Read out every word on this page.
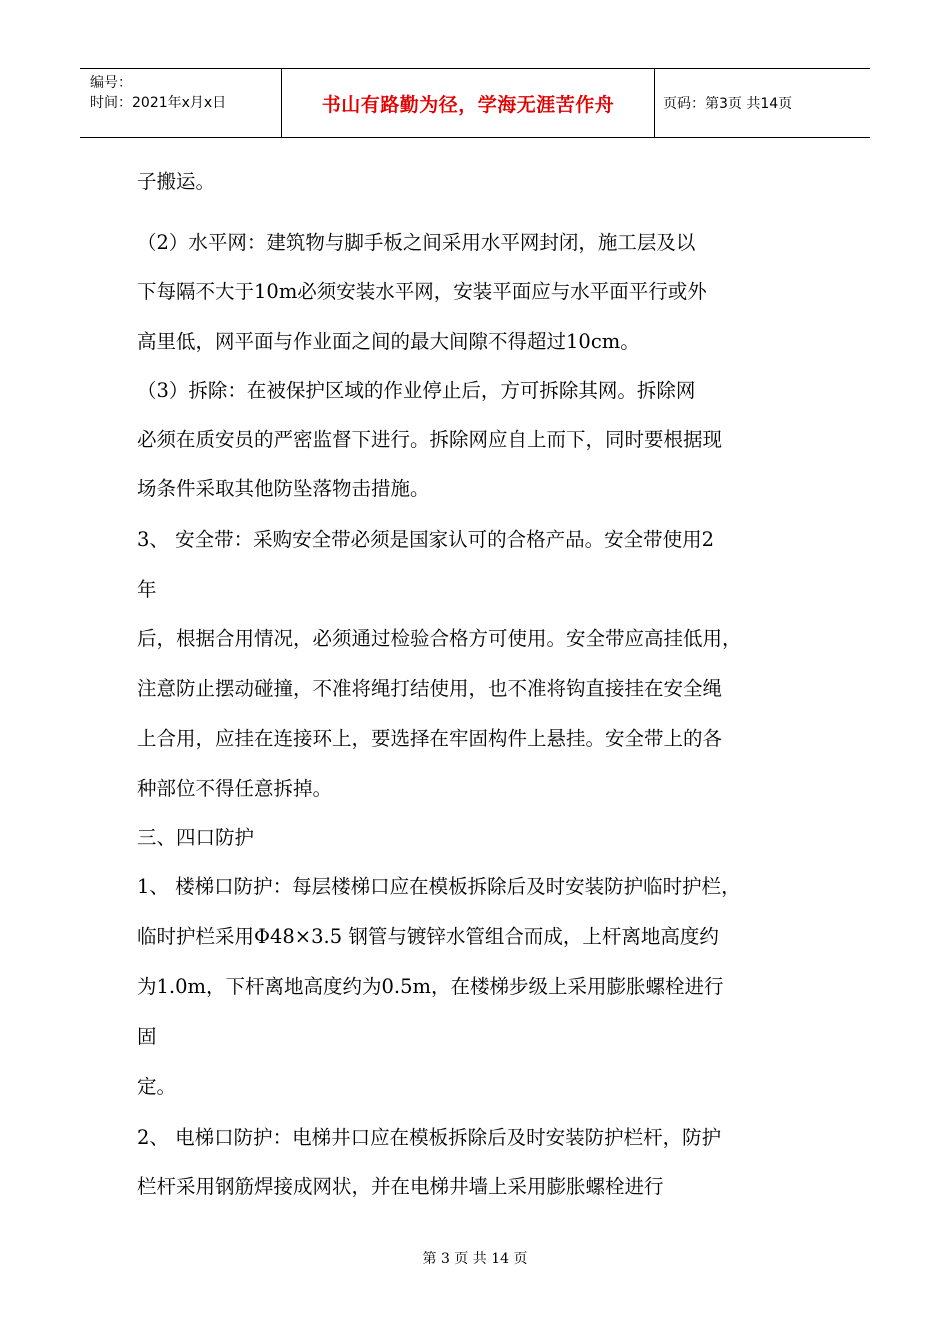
编号：
时间：2021年x月x日	书山有路勤为径，学海无涯苦作舟	页码：第3页 共14页
子搬运。
（2）水平网：建筑物与脚手板之间采用水平网封闭，施工层及以
下每隔不大于10m必须安装水平网，安装平面应与水平面平行或外
高里低，网平面与作业面之间的最大间隙不得超过10cm。
（3）拆除：在被保护区域的作业停止后，方可拆除其网。拆除网
必须在质安员的严密监督下进行。拆除网应自上而下，同时要根据现
场条件采取其他防坠落物击措施。
3、 安全带：采购安全带必须是国家认可的合格产品。安全带使用2
年
后，根据合用情况，必须通过检验合格方可使用。安全带应高挂低用，
注意防止摆动碰撞，不准将绳打结使用，也不准将钩直接挂在安全绳
上合用，应挂在连接环上，要选择在牢固构件上悬挂。安全带上的各
种部位不得任意拆掉。
三、四口防护
1、 楼梯口防护：每层楼梯口应在模板拆除后及时安装防护临时护栏，
临时护栏采用Φ48×3.5 钢管与镀锌水管组合而成，上杆离地高度约
为1.0m，下杆离地高度约为0.5m，在楼梯步级上采用膨胀螺栓进行
固
定。
2、 电梯口防护：电梯井口应在模板拆除后及时安装防护栏杆，防护
栏杆采用钢筋焊接成网状，并在电梯井墙上采用膨胀螺栓进行
第 3 页 共 14 页
